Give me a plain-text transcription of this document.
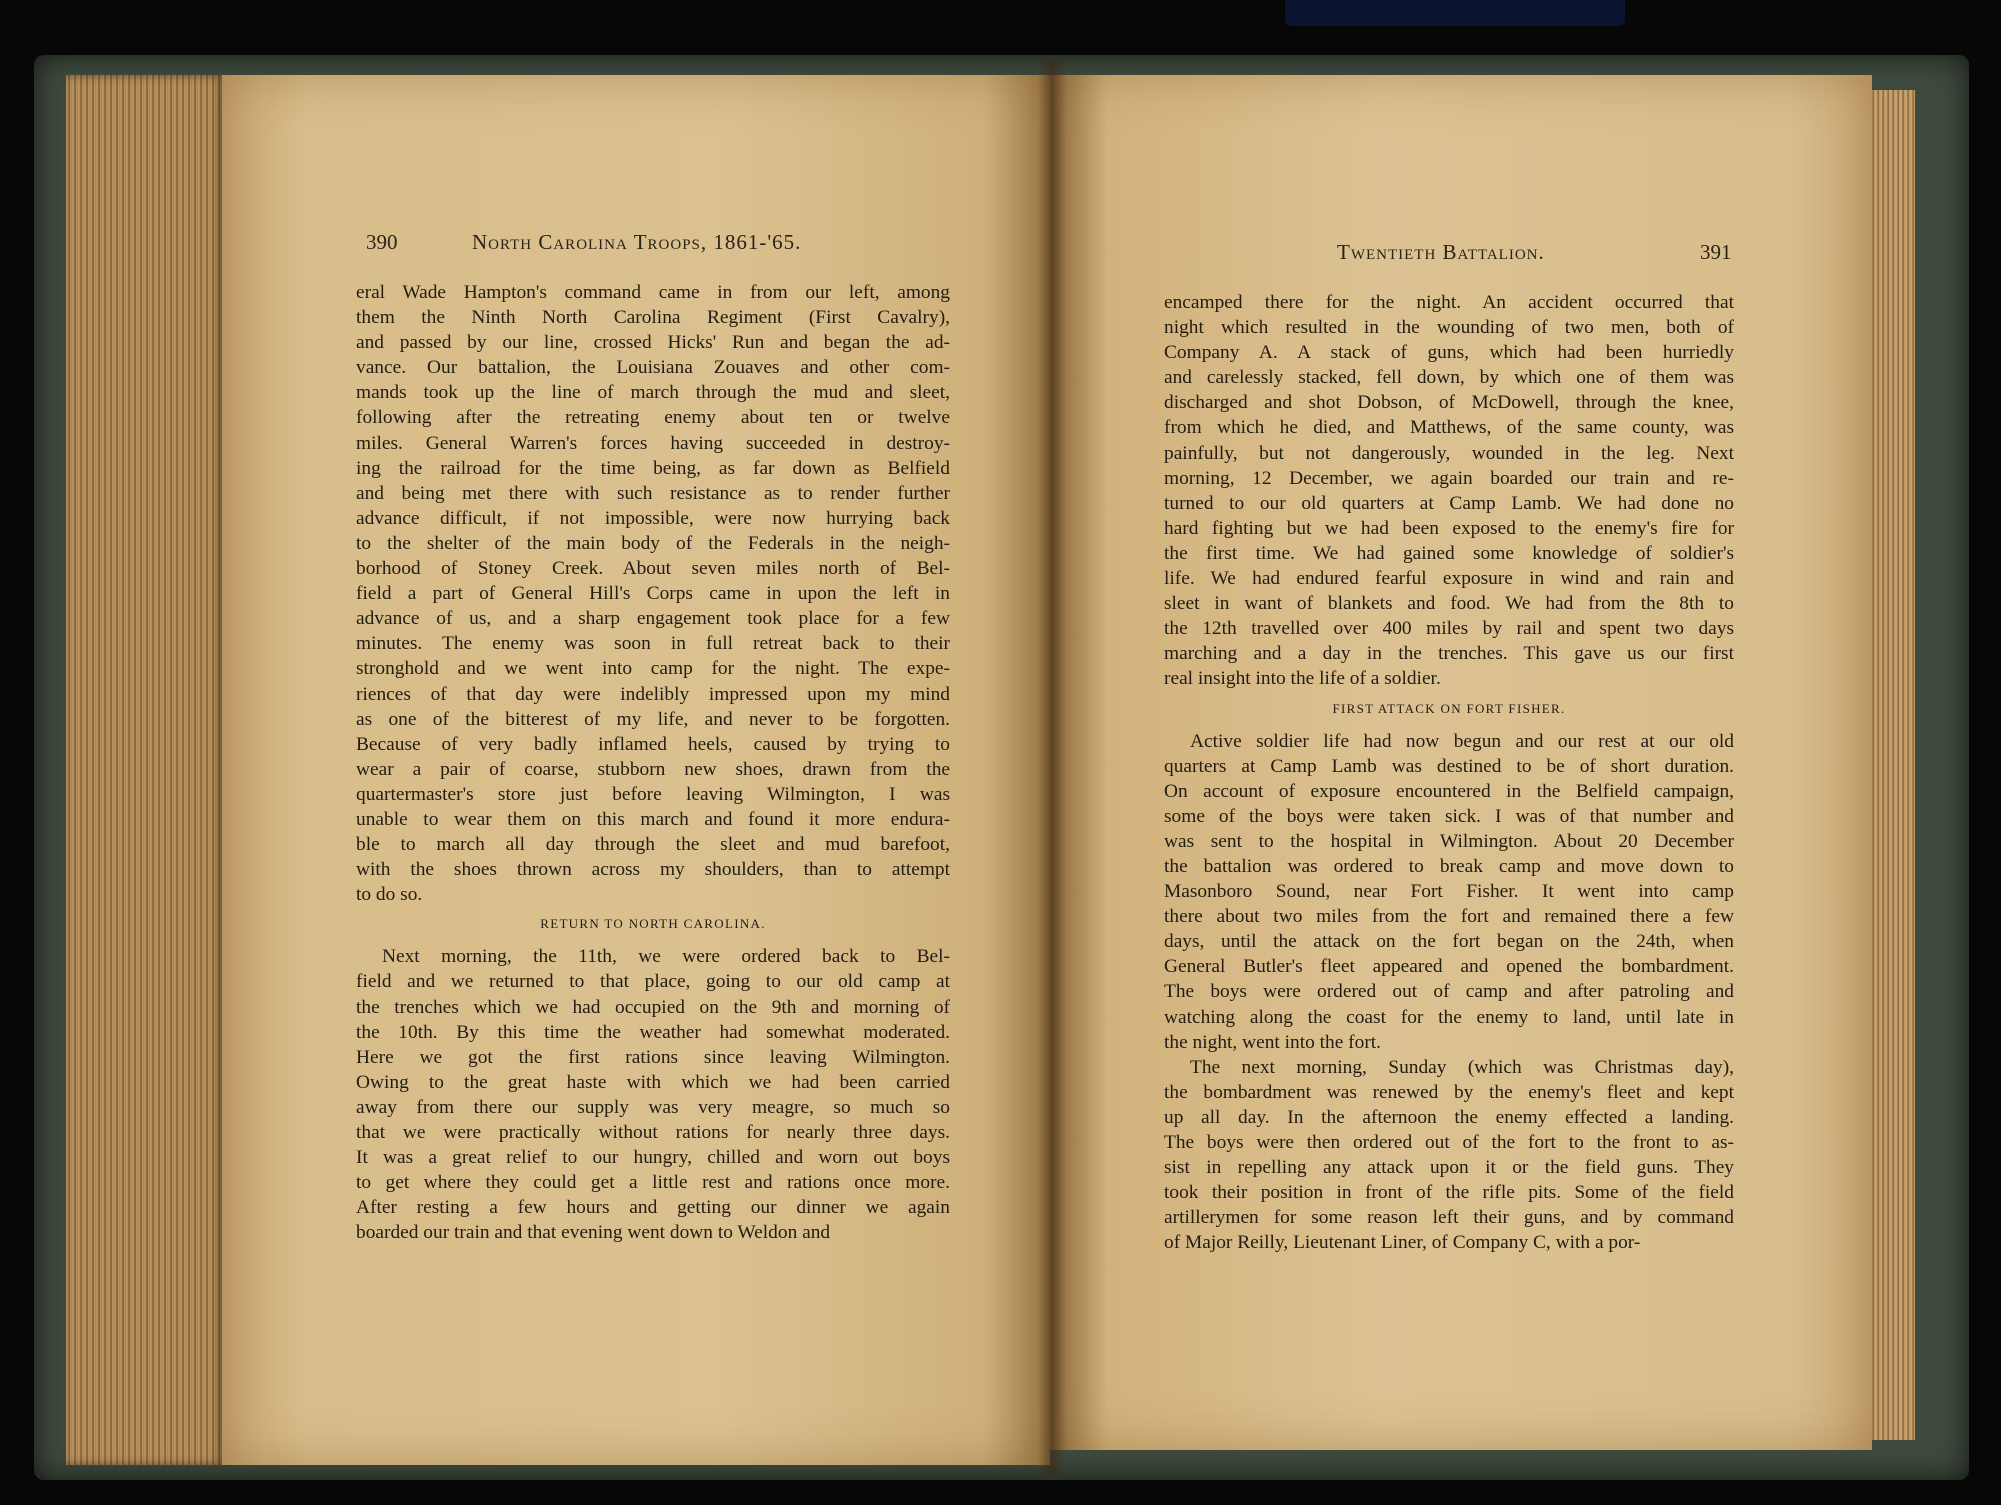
390	North Carolina Troops, 1861-'65.
eral Wade Hampton's command came in from our left, among
them the Ninth North Carolina Regiment (First Cavalry),
and passed by our line, crossed Hicks' Run and began the ad-
vance. Our battalion, the Louisiana Zouaves and other com-
mands took up the line of march through the mud and sleet,
following after the retreating enemy about ten or twelve
miles. General Warren's forces having succeeded in destroy-
ing the railroad for the time being, as far down as Belfield
and being met there with such resistance as to render further
advance difficult, if not impossible, were now hurrying back
to the shelter of the main body of the Federals in the neigh-
borhood of Stoney Creek. About seven miles north of Bel-
field a part of General Hill's Corps came in upon the left in
advance of us, and a sharp engagement took place for a few
minutes. The enemy was soon in full retreat back to their
stronghold and we went into camp for the night. The expe-
riences of that day were indelibly impressed upon my mind
as one of the bitterest of my life, and never to be forgotten.
Because of very badly inflamed heels, caused by trying to
wear a pair of coarse, stubborn new shoes, drawn from the
quartermaster's store just before leaving Wilmington, I was
unable to wear them on this march and found it more endura-
ble to march all day through the sleet and mud barefoot,
with the shoes thrown across my shoulders, than to attempt
to do so.
RETURN TO NORTH CAROLINA.
Next morning, the 11th, we were ordered back to Bel-
field and we returned to that place, going to our old camp at
the trenches which we had occupied on the 9th and morning of
the 10th. By this time the weather had somewhat moderated.
Here we got the first rations since leaving Wilmington.
Owing to the great haste with which we had been carried
away from there our supply was very meagre, so much so
that we were practically without rations for nearly three days.
It was a great relief to our hungry, chilled and worn out boys
to get where they could get a little rest and rations once more.
After resting a few hours and getting our dinner we again
boarded our train and that evening went down to Weldon and
Twentieth Battalion.	391
encamped there for the night. An accident occurred that
night which resulted in the wounding of two men, both of
Company A. A stack of guns, which had been hurriedly
and carelessly stacked, fell down, by which one of them was
discharged and shot Dobson, of McDowell, through the knee,
from which he died, and Matthews, of the same county, was
painfully, but not dangerously, wounded in the leg. Next
morning, 12 December, we again boarded our train and re-
turned to our old quarters at Camp Lamb. We had done no
hard fighting but we had been exposed to the enemy's fire for
the first time. We had gained some knowledge of soldier's
life. We had endured fearful exposure in wind and rain and
sleet in want of blankets and food. We had from the 8th to
the 12th travelled over 400 miles by rail and spent two days
marching and a day in the trenches. This gave us our first
real insight into the life of a soldier.
FIRST ATTACK ON FORT FISHER.
Active soldier life had now begun and our rest at our old
quarters at Camp Lamb was destined to be of short duration.
On account of exposure encountered in the Belfield campaign,
some of the boys were taken sick. I was of that number and
was sent to the hospital in Wilmington. About 20 December
the battalion was ordered to break camp and move down to
Masonboro Sound, near Fort Fisher. It went into camp
there about two miles from the fort and remained there a few
days, until the attack on the fort began on the 24th, when
General Butler's fleet appeared and opened the bombardment.
The boys were ordered out of camp and after patroling and
watching along the coast for the enemy to land, until late in
the night, went into the fort.
The next morning, Sunday (which was Christmas day),
the bombardment was renewed by the enemy's fleet and kept
up all day. In the afternoon the enemy effected a landing.
The boys were then ordered out of the fort to the front to as-
sist in repelling any attack upon it or the field guns. They
took their position in front of the rifle pits. Some of the field
artillerymen for some reason left their guns, and by command
of Major Reilly, Lieutenant Liner, of Company C, with a por-
